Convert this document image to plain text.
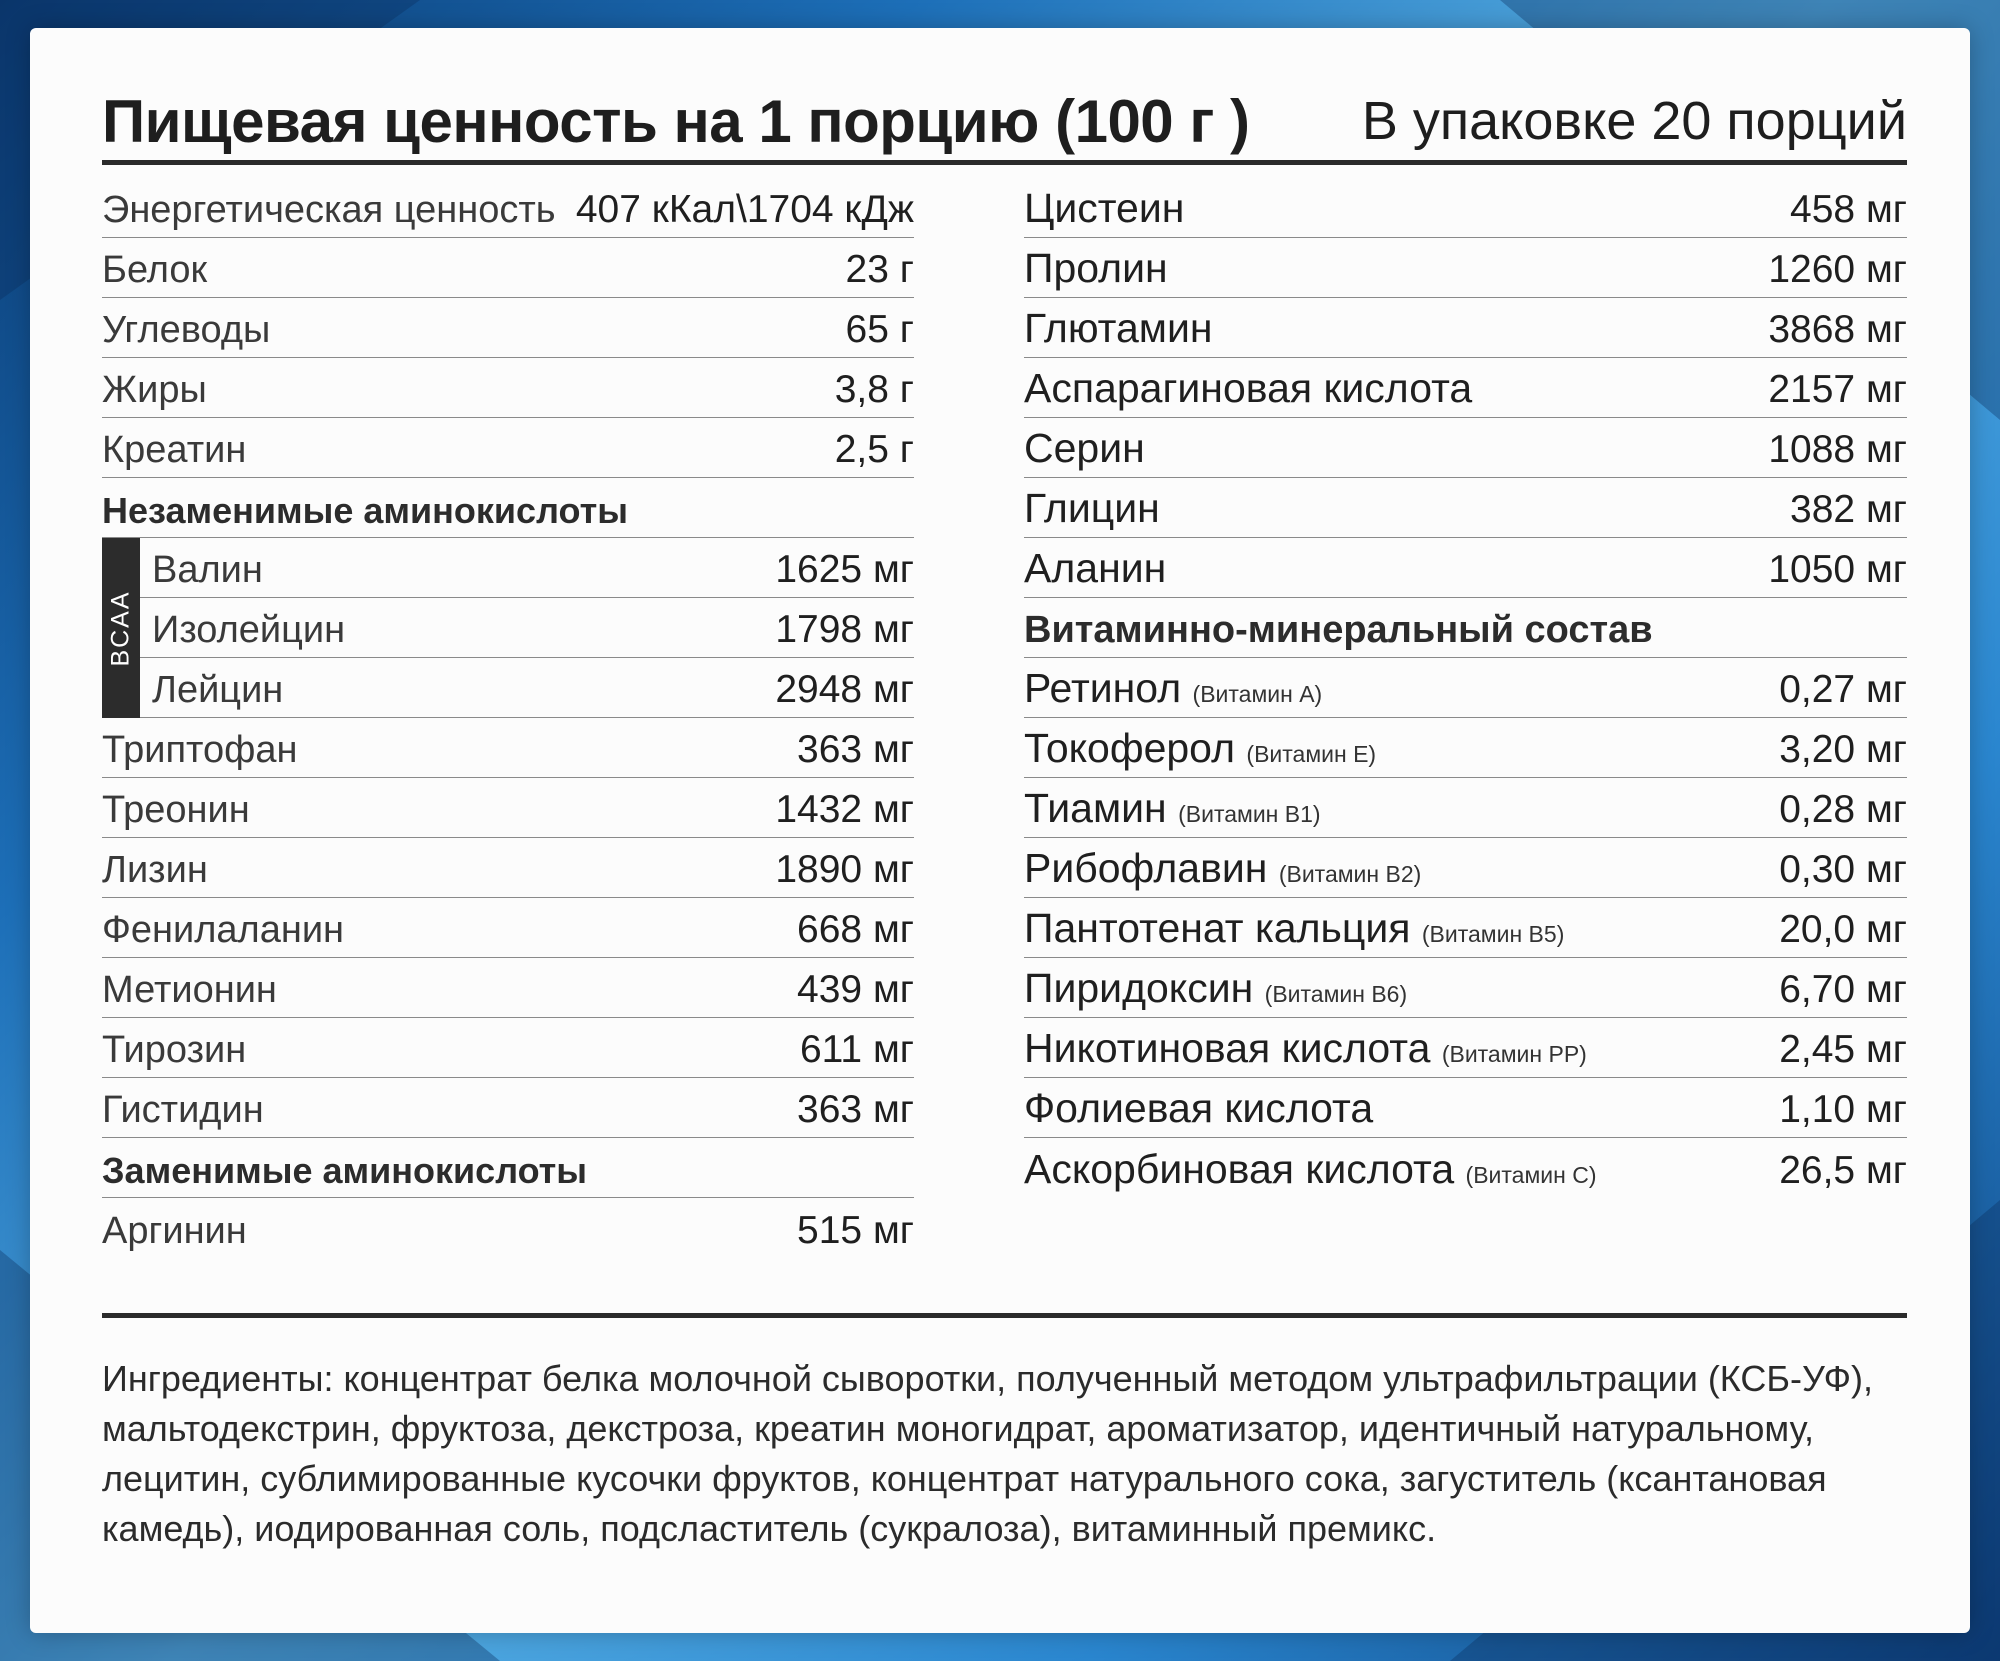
Пищевая ценность на 1 порцию (100 г ) В упаковке 20 порций
Энергетическая ценность 407 кКал\1704 кДж
Белок	23 г
Углеводы	65 г
Жиры	3,8 г
Креатин	2,5 г
Незаменимые аминокислоты
BCAA
Валин	1625 мг
Изолейцин	1798 мг
Лейцин	2948 мг
Триптофан	363 мг
Треонин	1432 мг
Лизин	1890 мг
Фенилаланин	668 мг
Метионин	439 мг
Тирозин	611 мг
Гистидин	363 мг
Заменимые аминокислоты
Аргинин	515 мг
Цистеин	458 мг
Пролин	1260 мг
Глютамин	3868 мг
Аспарагиновая кислота	2157 мг
Серин	1088 мг
Глицин	382 мг
Аланин	1050 мг
Витаминно-минеральный состав
Ретинол (Витамин А)	0,27 мг
Токоферол (Витамин Е)	3,20 мг
Тиамин (Витамин В1)	0,28 мг
Рибофлавин (Витамин В2)	0,30 мг
Пантотенат кальция (Витамин В5)	20,0 мг
Пиридоксин (Витамин В6)	6,70 мг
Никотиновая кислота (Витамин РР)	2,45 мг
Фолиевая кислота	1,10 мг
Аскорбиновая кислота (Витамин С)	26,5 мг
Ингредиенты: концентрат белка молочной сыворотки, полученный методом ультрафильтрации (КСБ-УФ), мальтодекстрин, фруктоза, декстроза, креатин моногидрат, ароматизатор, идентичный натуральному, лецитин, сублимированные кусочки фруктов, концентрат натурального сока, загуститель (ксантановая камедь), иодированная соль, подсластитель (сукралоза), витаминный премикс.
